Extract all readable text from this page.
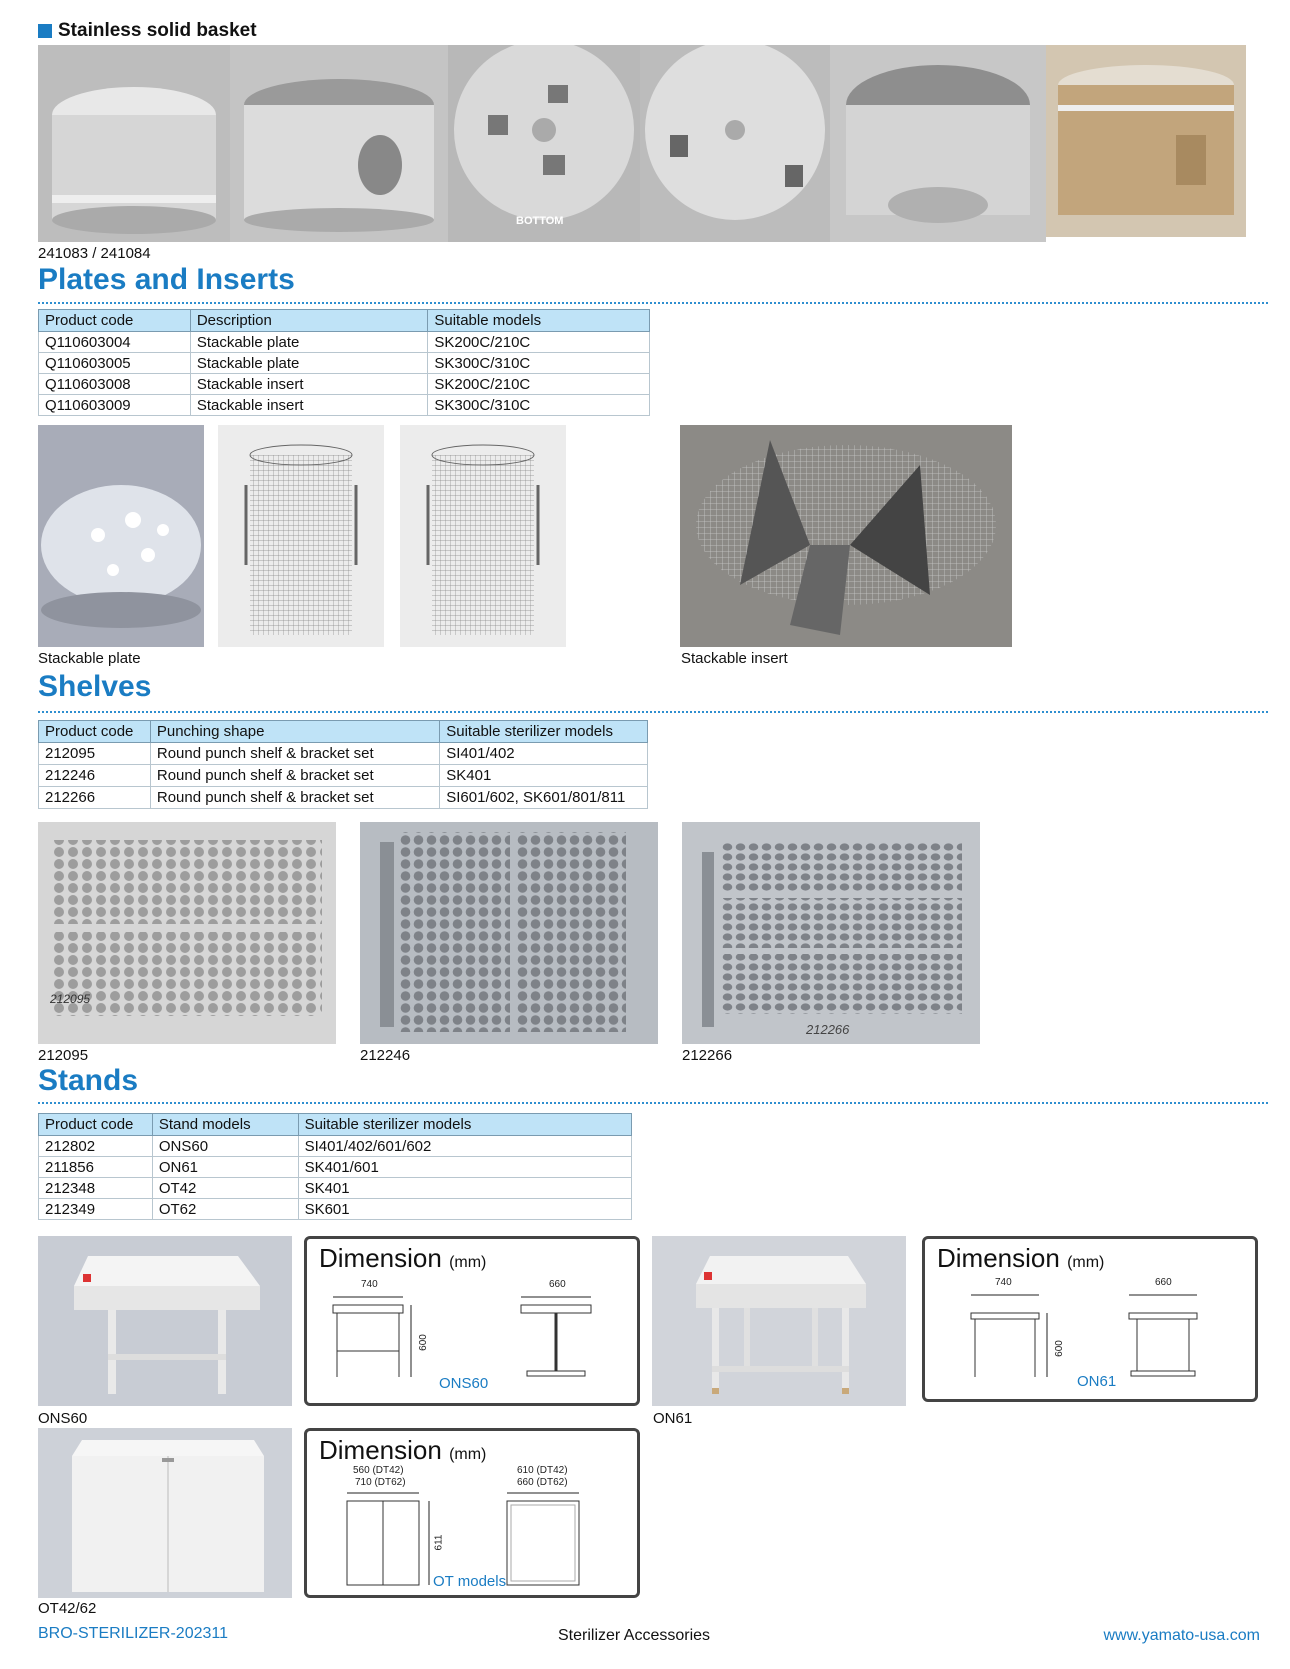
Stainless solid basket
BOTTOM
241083 / 241084
Plates and Inserts
Product code	Description	Suitable models
Q110603004	Stackable plate	SK200C/210C
Q110603005	Stackable plate	SK300C/310C
Q110603008	Stackable insert	SK200C/210C
Q110603009	Stackable insert	SK300C/310C
Stackable plate	Stackable insert
Shelves
Product code	Punching shape	Suitable sterilizer models
212095	Round punch shelf & bracket set	SI401/402
212246	Round punch shelf & bracket set	SK401
212266	Round punch shelf & bracket set	SI601/602, SK601/801/811
212095
212266
212095	212246	212266
Stands
Product code	Stand models	Suitable sterilizer models
212802	ONS60	SI401/402/601/602
211856	ON61	SK401/601
212348	OT42	SK401
212349	OT62	SK601
Dimension (mm)
740	660
600
ONS60
Dimension (mm)
740	660
600
ON61
ONS60	ON61
Dimension (mm)
560 (DT42)
710 (DT62)
610 (DT42)
660 (DT62)
611
OT models
OT42/62
BRO-STERILIZER-202311	Sterilizer Accessories	www.yamato-usa.com
